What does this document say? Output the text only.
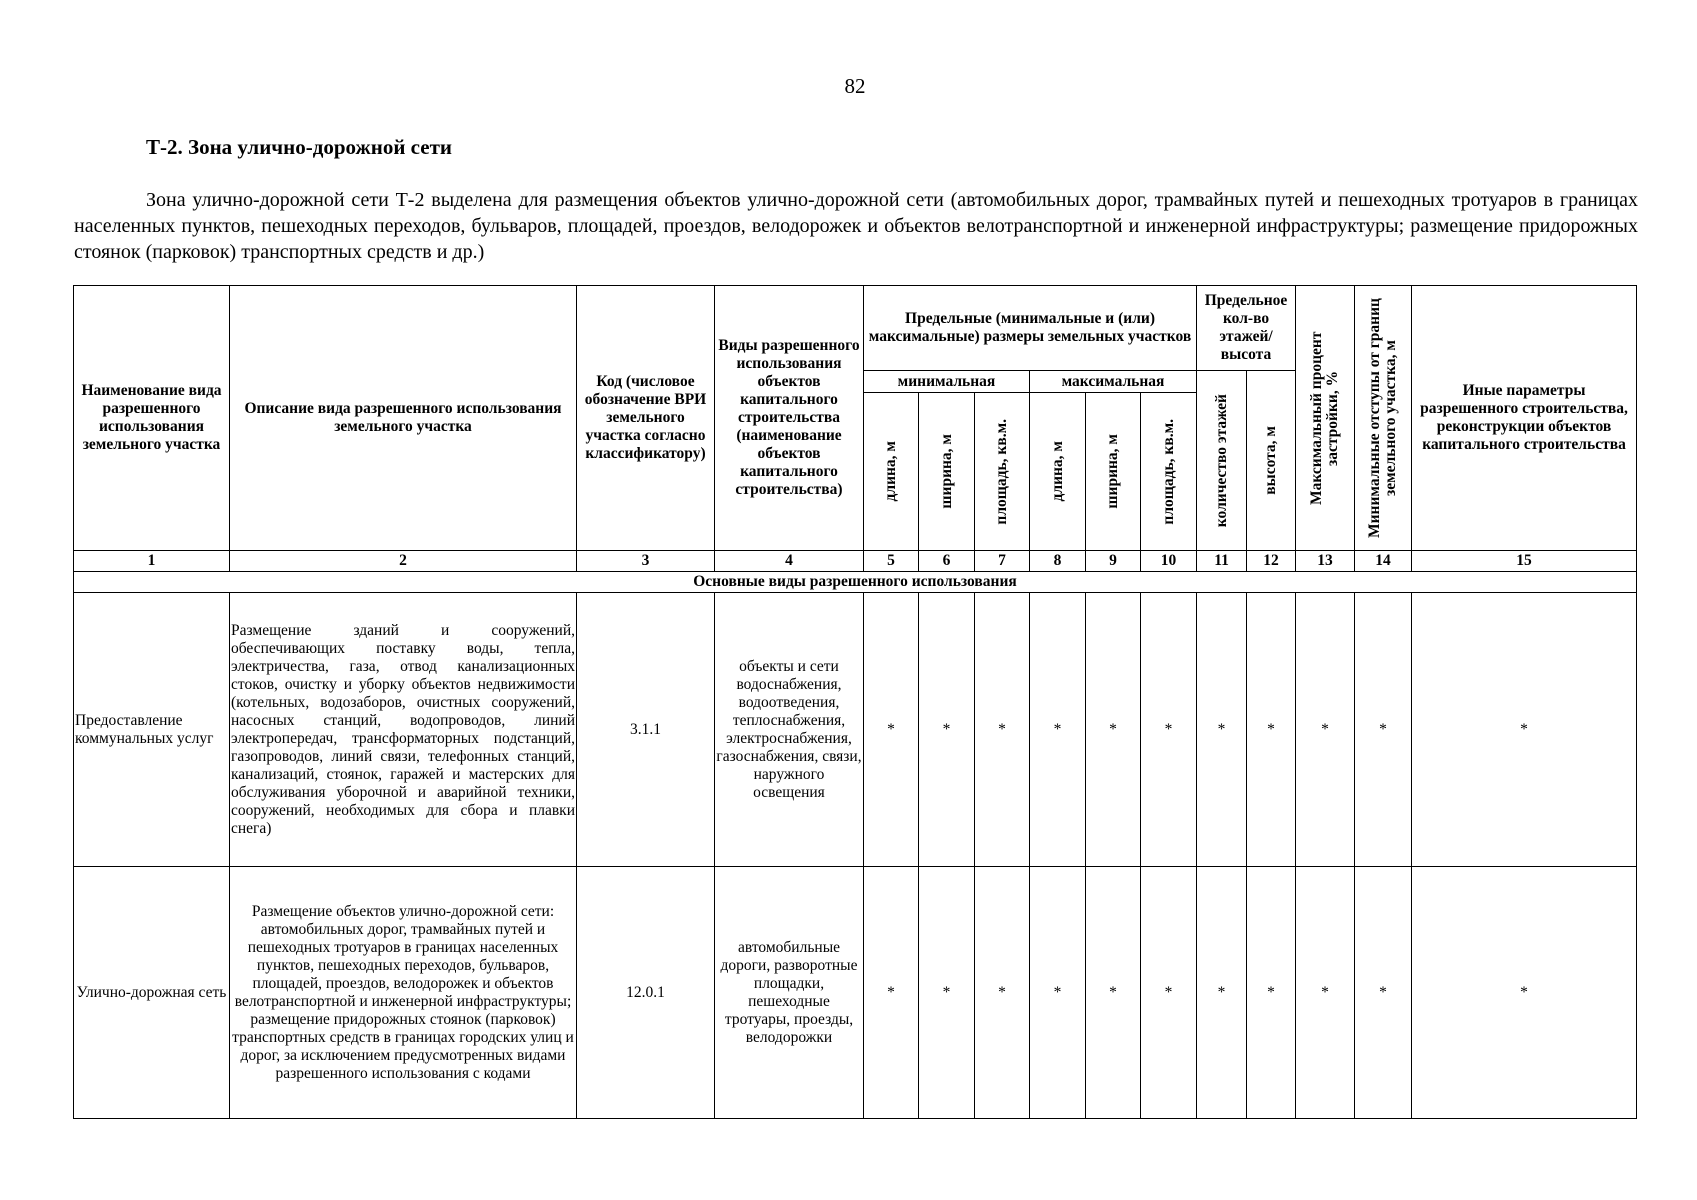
82
Т-2. Зона улично-дорожной сети

Зона улично-дорожной сети Т-2 выделена для размещения объектов улично-дорожной сети (автомобильных дорог, трамвайных путей и пешеходных тротуаров в границах населенных пунктов, пешеходных переходов, бульваров, площадей, проездов, велодорожек и объектов велотранспортной и инженерной инфраструктуры; размещение придорожных стоянок (парковок) транспортных средств и др.)

Наименование вида разрешенного использования земельного участка	Описание вида разрешенного использования земельного участка	Код (числовое обозначение ВРИ земельного участка согласно классификатору)	Виды разрешенного использования объектов капитального строительства (наименование объектов капитального строительства)	Предельные (минимальные и (или) максимальные) размеры земельных участков						Предельное кол-во этажей/ высота		Максимальный процент застройки, %	Минимальные отступы от границ земельного участка, м	Иные параметры разрешенного строительства, реконструкции объектов капитального строительства
				минимальная			максимальная			количество этажей	высота, м			

				длина, м	ширина, м	площадь, кв.м.	длина, м	ширина, м	площадь, кв.м.					

1	2	3	4	5	6	7	8	9	10	11	12	13	14	15
Основные виды разрешенного использования														
Предоставление коммунальных услуг	Размещение зданий и сооружений, обеспечивающих поставку воды, тепла, электричества, газа, отвод канализационных стоков, очистку и уборку объектов недвижимости (котельных, водозаборов, очистных сооружений, насосных станций, водопроводов, линий электропередач, трансформаторных подстанций, газопроводов, линий связи, телефонных станций, канализаций, стоянок, гаражей и мастерских для обслуживания уборочной и аварийной техники, сооружений, необходимых для сбора и плавки снега)	3.1.1	объекты и сети водоснабжения, водоотведения, теплоснабжения, электроснабжения, газоснабжения, связи, наружного освещения	*	*	*	*	*	*	*	*	*	*	*
Улично-дорожная сеть	Размещение объектов улично-дорожной сети: автомобильных дорог, трамвайных путей и пешеходных тротуаров в границах населенных пунктов, пешеходных переходов, бульваров, площадей, проездов, велодорожек и объектов велотранспортной и инженерной инфраструктуры; размещение придорожных стоянок (парковок) транспортных средств в границах городских улиц и дорог, за исключением предусмотренных видами разрешенного использования с кодами	12.0.1	автомобильные дороги, разворотные площадки, пешеходные тротуары, проезды, велодорожки	*	*	*	*	*	*	*	*	*	*	*
